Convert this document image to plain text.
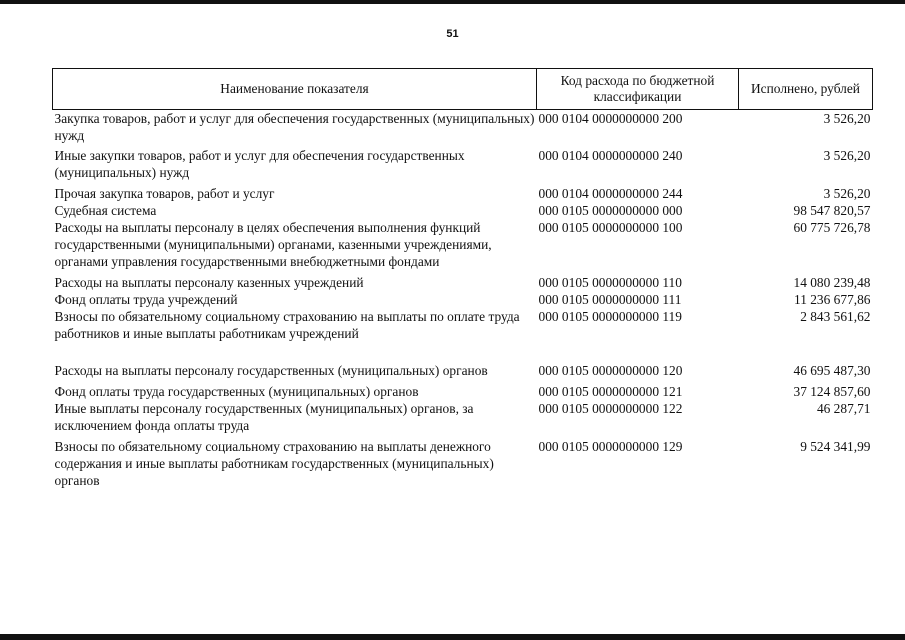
51
Наименование показателя	Код расхода по бюджетной классификации	Исполнено, рублей
Закупка товаров, работ и услуг для обеспечения государственных (муниципальных) нужд	000 0104 0000000000 200	3 526,20
Иные закупки товаров, работ и услуг для обеспечения государственных (муниципальных) нужд	000 0104 0000000000 240	3 526,20
Прочая закупка товаров, работ и услуг	000 0104 0000000000 244	3 526,20
Судебная система	000 0105 0000000000 000	98 547 820,57
Расходы на выплаты персоналу в целях обеспечения выполнения функций государственными (муниципальными) органами, казенными учреждениями, органами управления государственными внебюджетными фондами	000 0105 0000000000 100	60 775 726,78
Расходы на выплаты персоналу казенных учреждений	000 0105 0000000000 110	14 080 239,48
Фонд оплаты труда учреждений	000 0105 0000000000 111	11 236 677,86
Взносы по обязательному социальному страхованию на выплаты по оплате труда работников и иные выплаты работникам учреждений	000 0105 0000000000 119	2 843 561,62
Расходы на выплаты персоналу государственных (муниципальных) органов	000 0105 0000000000 120	46 695 487,30
Фонд оплаты труда государственных (муниципальных) органов	000 0105 0000000000 121	37 124 857,60
Иные выплаты персоналу государственных (муниципальных) органов, за исключением фонда оплаты труда	000 0105 0000000000 122	46 287,71
Взносы по обязательному социальному страхованию на выплаты денежного содержания и иные выплаты работникам государственных (муниципальных) органов	000 0105 0000000000 129	9 524 341,99
